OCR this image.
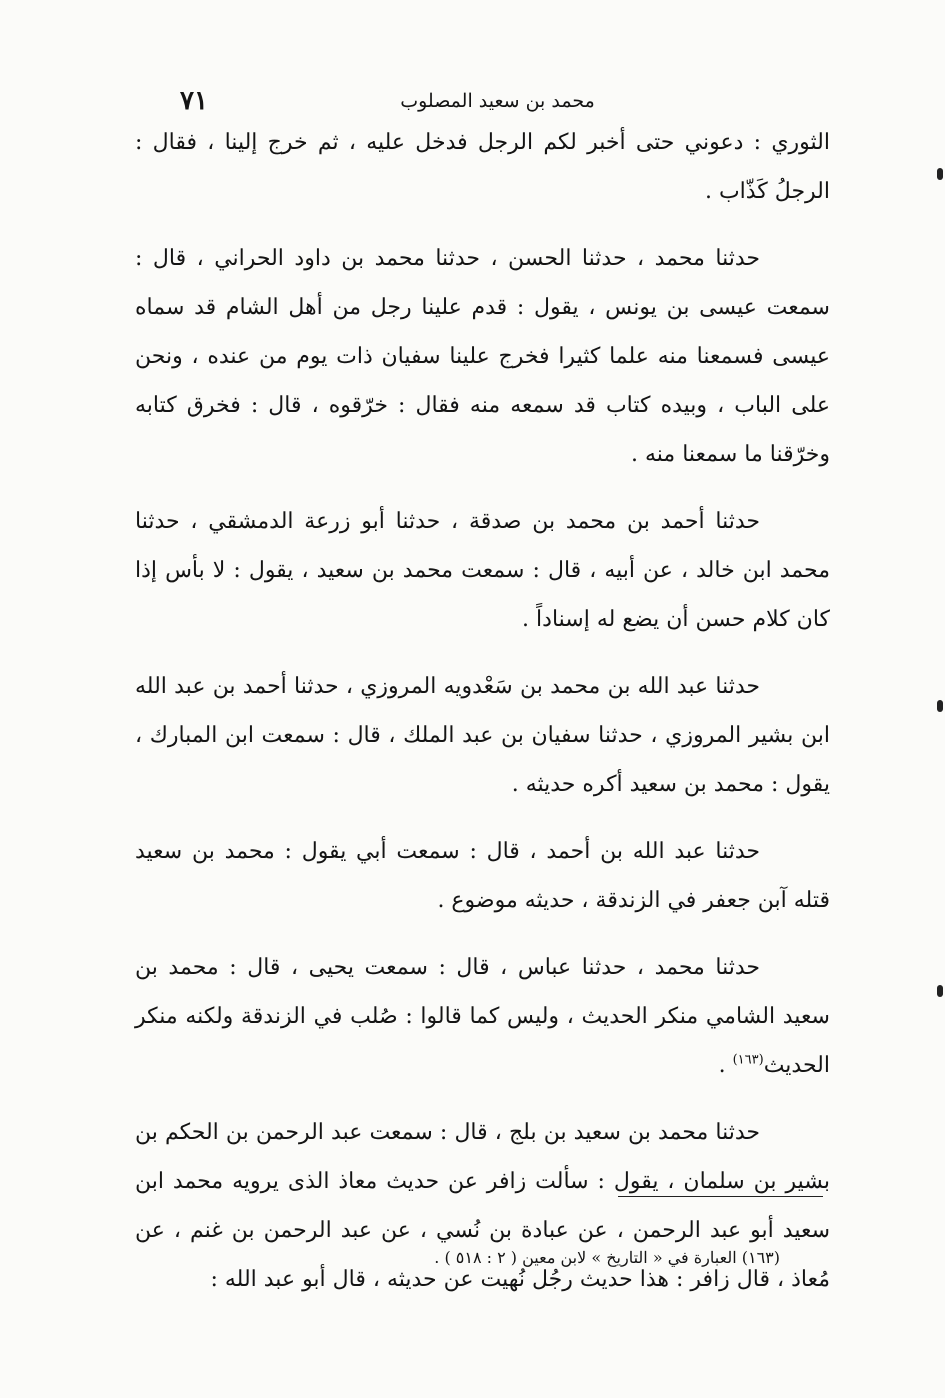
٧١	محمد بن سعيد المصلوب

الثوري : دعوني حتى أخبر لكم الرجل فدخل عليه ، ثم خرج إلينا ، فقال : الرجلُ كَذّاب .

حدثنا محمد ، حدثنا الحسن ، حدثنا محمد بن داود الحراني ، قال : سمعت عيسى بن يونس ، يقول : قدم علينا رجل من أهل الشام قد سماه عيسى فسمعنا منه علما كثيرا فخرج علينا سفيان ذات يوم من عنده ، ونحن على الباب ، وبيده كتاب قد سمعه منه فقال : خرّقوه ، قال : فخرق كتابه وخرّقنا ما سمعنا منه .

حدثنا أحمد بن محمد بن صدقة ، حدثنا أبو زرعة الدمشقي ، حدثنا محمد ابن خالد ، عن أبيه ، قال : سمعت محمد بن سعيد ، يقول : لا بأس إذا كان كلام حسن أن يضع له إسناداً .

حدثنا عبد الله بن محمد بن سَعْدويه المروزي ، حدثنا أحمد بن عبد الله ابن بشير المروزي ، حدثنا سفيان بن عبد الملك ، قال : سمعت ابن المبارك ، يقول : محمد بن سعيد أكره حديثه .

حدثنا عبد الله بن أحمد ، قال : سمعت أبي يقول : محمد بن سعيد قتله آبن جعفر في الزندقة ، حديثه موضوع .

حدثنا محمد ، حدثنا عباس ، قال : سمعت يحيى ، قال : محمد بن سعيد الشامي منكر الحديث ، وليس كما قالوا : صُلب في الزندقة ولكنه منكر الحديث$^{(١٦٣)}$ .

حدثنا محمد بن سعيد بن بلج ، قال : سمعت عبد الرحمن بن الحكم بن بشير بن سلمان ، يقول : سألت زافر عن حديث معاذ الذى يرويه محمد ابن سعيد أبو عبد الرحمن ، عن عبادة بن نُسي ، عن عبد الرحمن بن غنم ، عن مُعاذ ، قال زافر : هذا حديث رجُل نُهيت عن حديثه ، قال أبو عبد الله :

(١٦٣) العبارة في « التاريخ » لابن معين ( ٢ : ٥١٨ ) .
